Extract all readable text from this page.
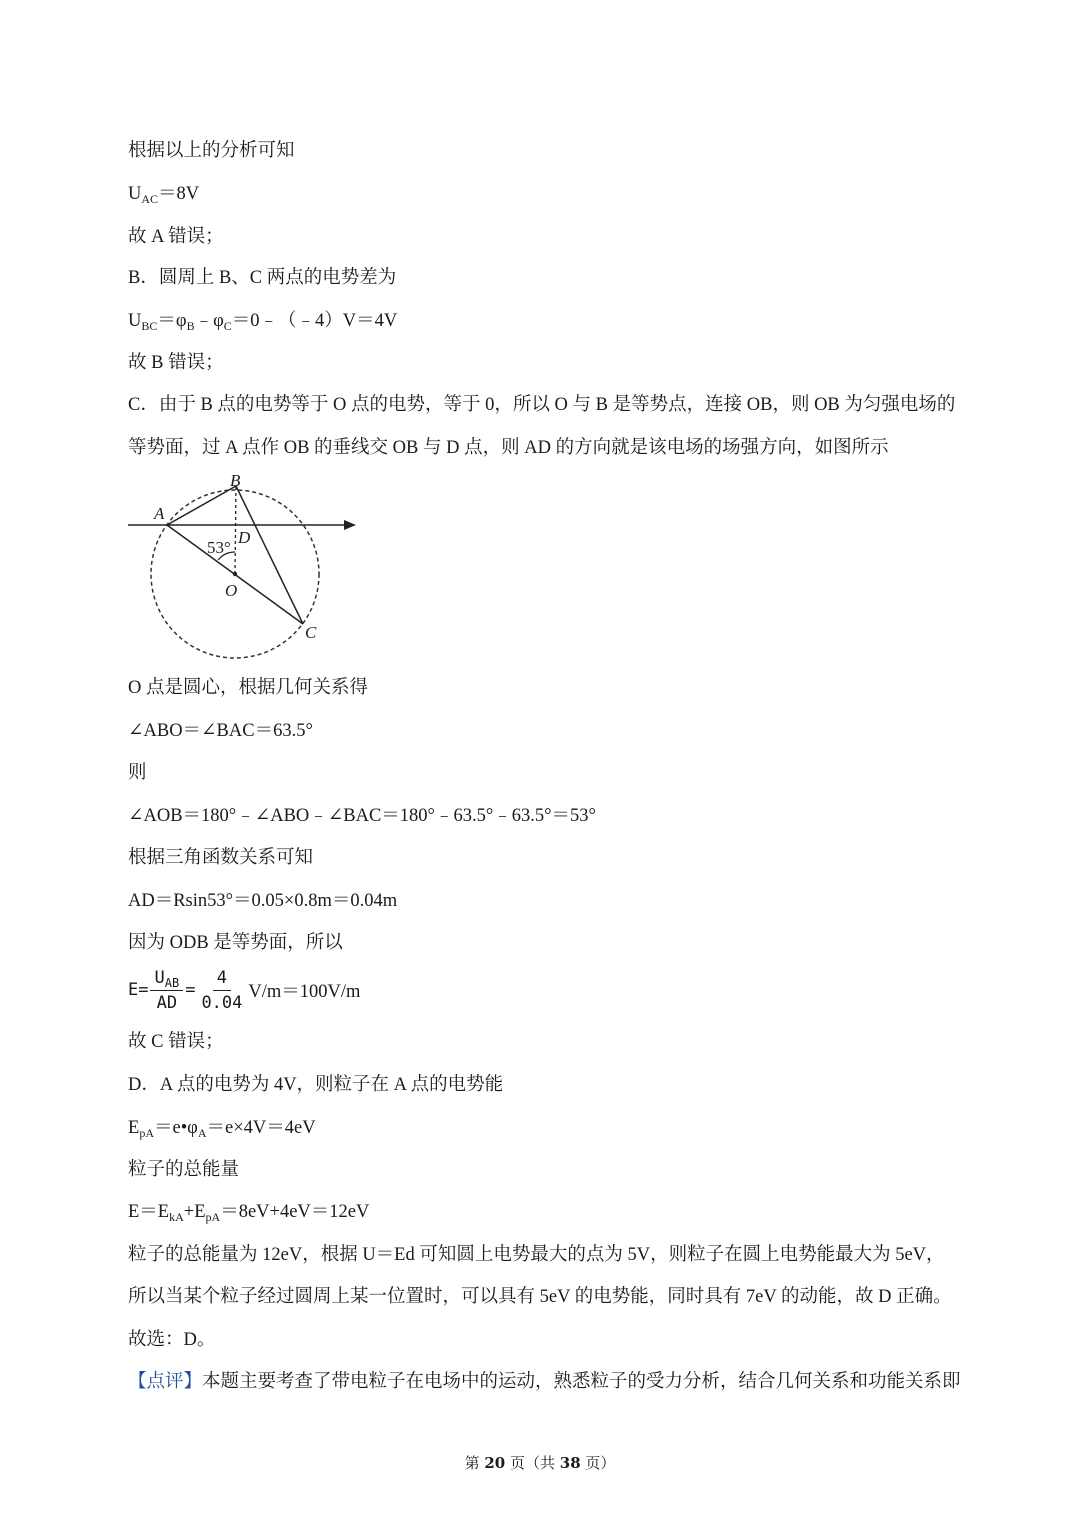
根据以上的分析可知
$U_{AC}=8V$
故 A 错误；
B．圆周上 B、C 两点的电势差为
$U_{BC}=\varphi_B﹣\varphi_C=0﹣(﹣4)V=4V$
故 B 错误；
C．由于 B 点的电势等于 O 点的电势，等于 0，所以 O 与 B 是等势点，连接 OB，则 OB 为匀强电场的
等势面，过 A 点作 OB 的垂线交 OB 与 D 点，则 AD 的方向就是该电场的场强方向，如图所示
A
B
C
D
O
53°
O 点是圆心，根据几何关系得
∠ABO＝∠BAC＝63.5°
则
∠AOB＝180°﹣∠ABO﹣∠BAC＝180°﹣63.5°﹣63.5°＝53°
根据三角函数关系可知
AD＝Rsin53°＝0.05×0.8m＝0.04m
因为 ODB 是等势面，所以
$E= \frac{U_{AB}}{AD} = \frac{4}{0.04} V/m=100V/m$
故 C 错误；
D．A 点的电势为 4V，则粒子在 A 点的电势能
$E_{pA}=e•\varphi_A=e\times 4V=4eV$
粒子的总能量
$E=E_{kA}+E_{pA}=8eV+4eV=12eV$
粒子的总能量为 12eV，根据 U＝Ed 可知圆上电势最大的点为 5V，则粒子在圆上电势能最大为 5eV，
所以当某个粒子经过圆周上某一位置时，可以具有 5eV 的电势能，同时具有 7eV 的动能，故 D 正确。
故选：D。
【点评】本题主要考查了带电粒子在电场中的运动，熟悉粒子的受力分析，结合几何关系和功能关系即
第 20 页（共 38 页）
